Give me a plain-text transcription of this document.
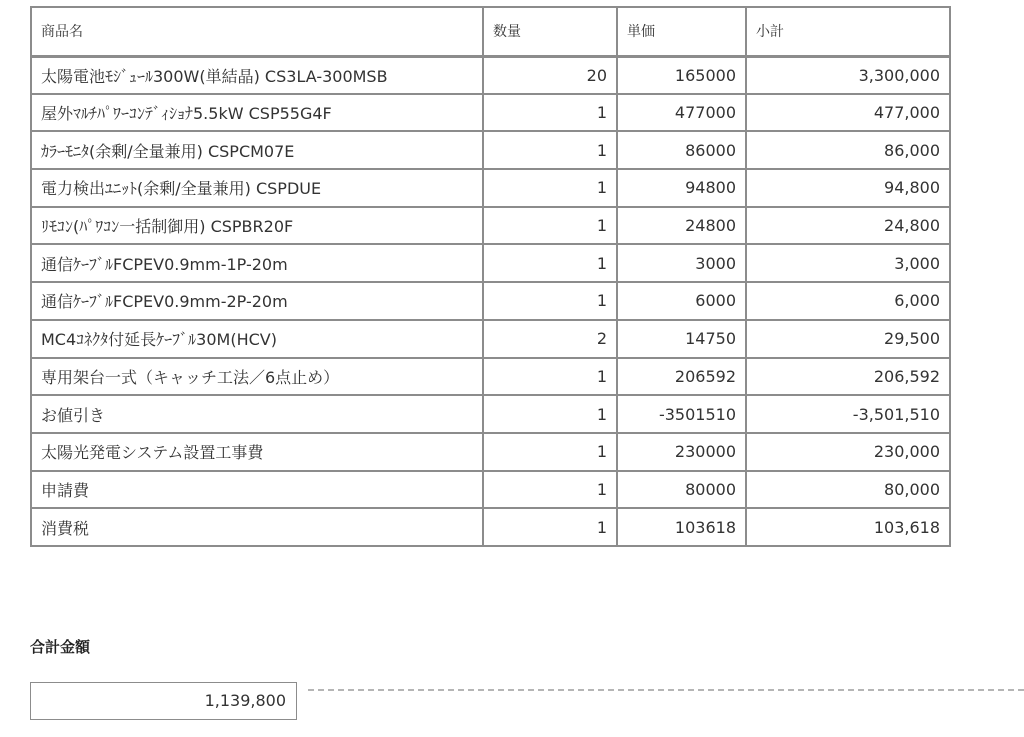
商品名	数量	単価	小計
太陽電池ﾓｼﾞｭｰﾙ300W(単結晶) CS3LA-300MSB	20	165000	3,300,000
屋外ﾏﾙﾁﾊﾟﾜｰｺﾝﾃﾞｨｼｮﾅ5.5kW CSP55G4F	1	477000	477,000
ｶﾗｰﾓﾆﾀ(余剰/全量兼用) CSPCM07E	1	86000	86,000
電力検出ﾕﾆｯﾄ(余剰/全量兼用) CSPDUE	1	94800	94,800
ﾘﾓｺﾝ(ﾊﾟﾜｺﾝ一括制御用) CSPBR20F	1	24800	24,800
通信ｹｰﾌﾞﾙFCPEV0.9mm-1P-20m	1	3000	3,000
通信ｹｰﾌﾞﾙFCPEV0.9mm-2P-20m	1	6000	6,000
MC4ｺﾈｸﾀ付延長ｹｰﾌﾞﾙ30M(HCV)	2	14750	29,500
専用架台一式（キャッチ工法／6点止め）	1	206592	206,592
お値引き	1	-3501510	-3,501,510
太陽光発電システム設置工事費	1	230000	230,000
申請費	1	80000	80,000
消費税	1	103618	103,618
合計金額
1,139,800
